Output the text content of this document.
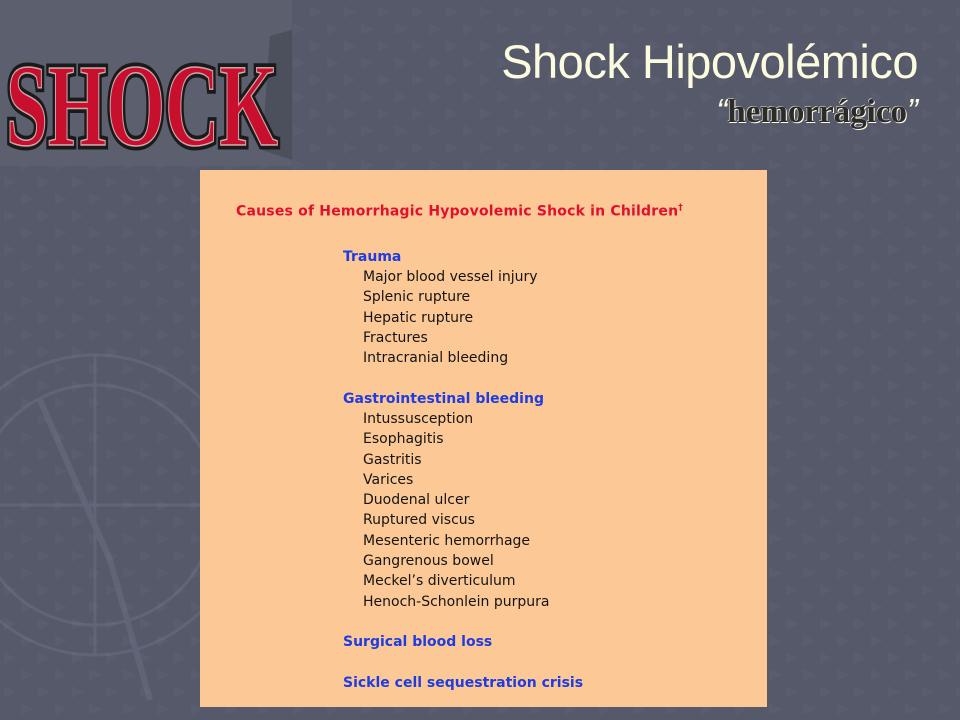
SHOCK
SHOCK	Shock Hipovolémico
“hemorrágico”
Causes of Hemorrhagic Hypovolemic Shock in Children†
Trauma
Major blood vessel injury
Splenic rupture
Hepatic rupture
Fractures
Intracranial bleeding
Gastrointestinal bleeding
Intussusception
Esophagitis
Gastritis
Varices
Duodenal ulcer
Ruptured viscus
Mesenteric hemorrhage
Gangrenous bowel
Meckel’s diverticulum
Henoch-Schonlein purpura
Surgical blood loss
Sickle cell sequestration crisis
